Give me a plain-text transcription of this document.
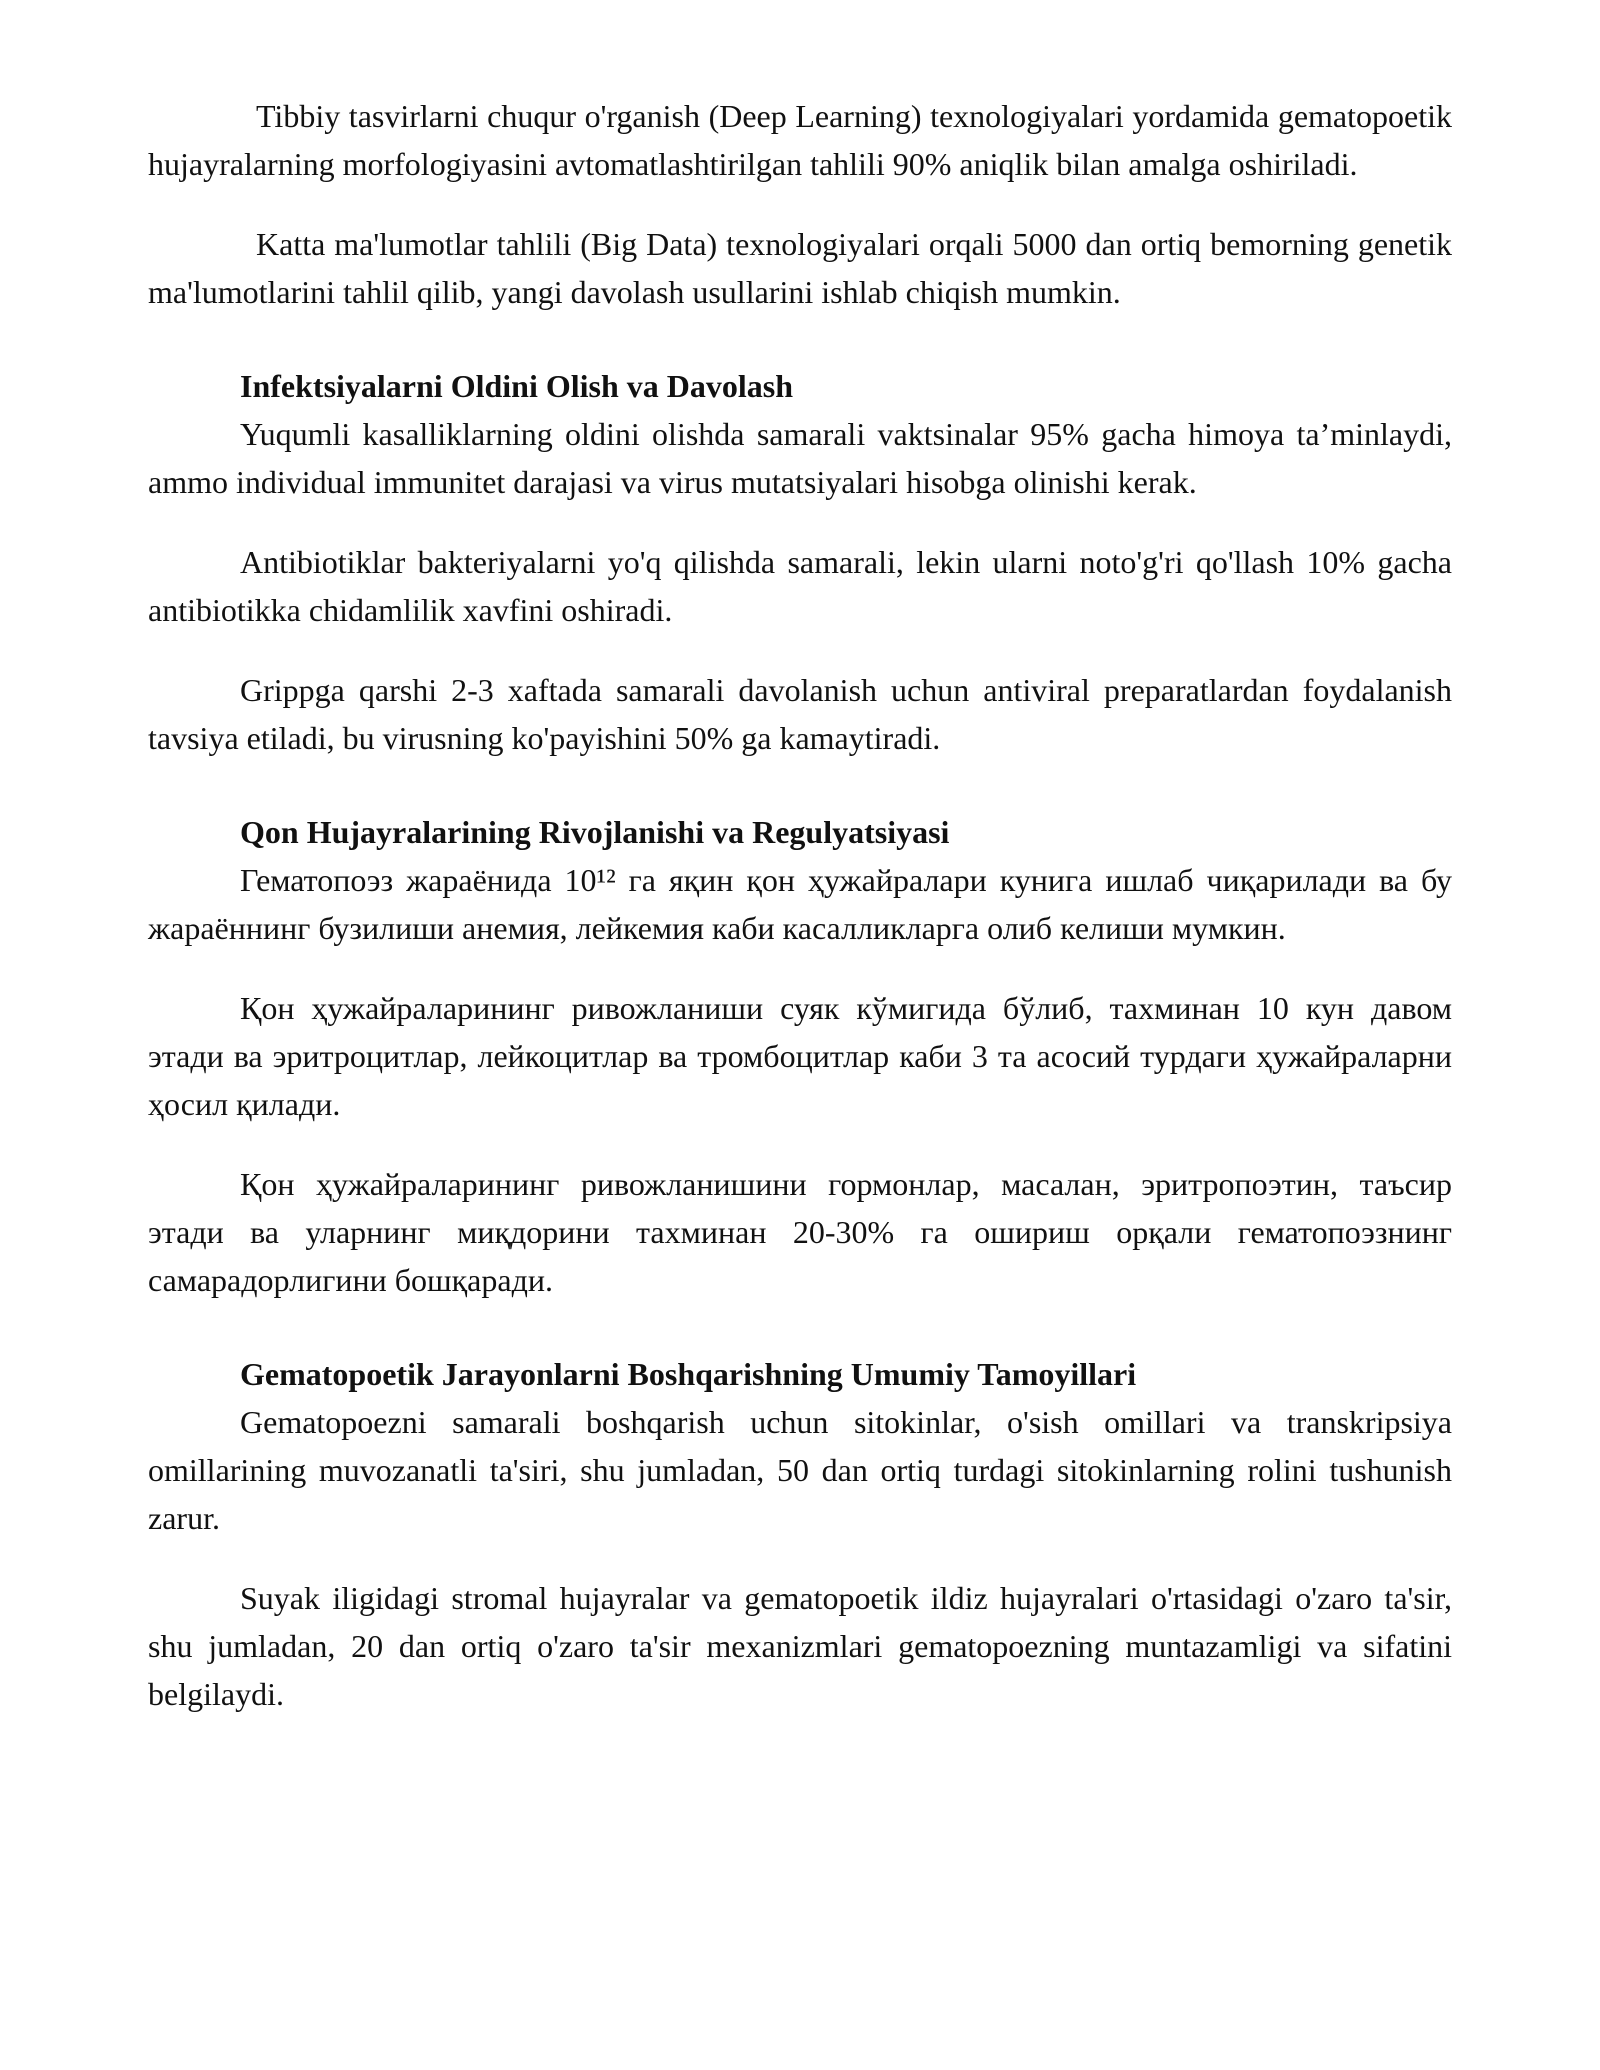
Tibbiy tasvirlarni chuqur o'rganish (Deep Learning) texnologiyalari yordamida gematopoetik hujayralarning morfologiyasini avtomatlashtirilgan tahlili 90% aniqlik bilan amalga oshiriladi.

Katta ma'lumotlar tahlili (Big Data) texnologiyalari orqali 5000 dan ortiq bemorning genetik ma'lumotlarini tahlil qilib, yangi davolash usullarini ishlab chiqish mumkin.

Infektsiyalarni Oldini Olish va Davolash

Yuqumli kasalliklarning oldini olishda samarali vaktsinalar 95% gacha himoya ta’minlaydi, ammo individual immunitet darajasi va virus mutatsiyalari hisobga olinishi kerak.

Antibiotiklar bakteriyalarni yo'q qilishda samarali, lekin ularni noto'g'ri qo'llash 10% gacha antibiotikka chidamlilik xavfini oshiradi.

Grippga qarshi 2-3 xaftada samarali davolanish uchun antiviral preparatlardan foydalanish tavsiya etiladi, bu virusning ko'payishini 50% ga kamaytiradi.

Qon Hujayralarining Rivojlanishi va Regulyatsiyasi

Гематопоэз жараёнида 10¹² га яқин қон ҳужайралари кунига ишлаб чиқарилади ва бу жараённинг бузилиши анемия, лейкемия каби касалликларга олиб келиши мумкин.

Қон ҳужайраларининг ривожланиши суяк кўмигида бўлиб, тахминан 10 кун давом этади ва эритроцитлар, лейкоцитлар ва тромбоцитлар каби 3 та асосий турдаги ҳужайраларни ҳосил қилади.

Қон ҳужайраларининг ривожланишини гормонлар, масалан, эритропоэтин, таъсир этади ва уларнинг миқдорини тахминан 20-30% га ошириш орқали гематопоэзнинг самарадорлигини бошқаради.

Gematopoetik Jarayonlarni Boshqarishning Umumiy Tamoyillari

Gematopoezni samarali boshqarish uchun sitokinlar, o'sish omillari va transkripsiya omillarining muvozanatli ta'siri, shu jumladan, 50 dan ortiq turdagi sitokinlarning rolini tushunish zarur.

Suyak iligidagi stromal hujayralar va gematopoetik ildiz hujayralari o'rtasidagi o'zaro ta'sir, shu jumladan, 20 dan ortiq o'zaro ta'sir mexanizmlari gematopoezning muntazamligi va sifatini belgilaydi.
